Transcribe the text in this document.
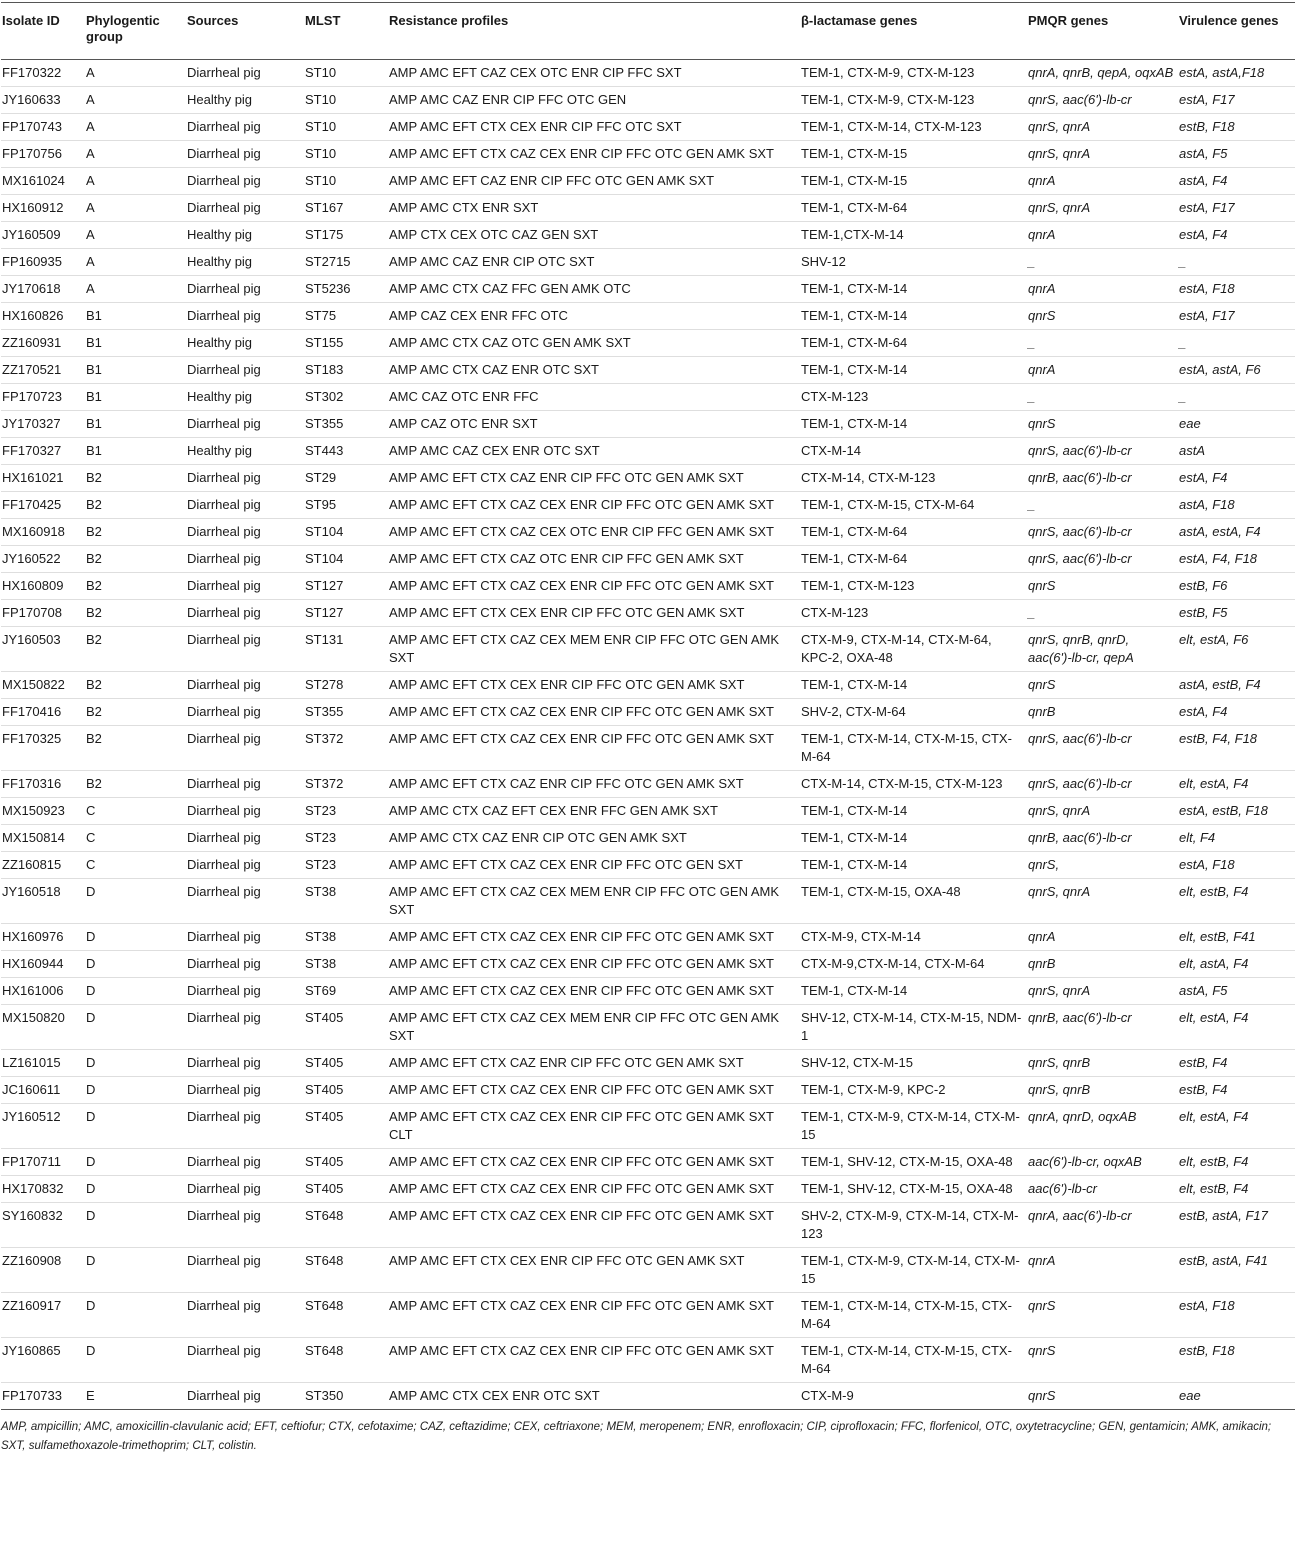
Isolate ID	Phylogentic group	Sources	MLST	Resistance profiles	β-lactamase genes	PMQR genes	Virulence genes
FF170322	A	Diarrheal pig	ST10	AMP AMC EFT CAZ CEX OTC ENR CIP FFC SXT	TEM-1, CTX-M-9, CTX-M-123	qnrA, qnrB, qepA, oqxAB	estA, astA,F18
JY160633	A	Healthy pig	ST10	AMP AMC CAZ ENR CIP FFC OTC GEN	TEM-1, CTX-M-9, CTX-M-123	qnrS, aac(6')-lb-cr	estA, F17
FP170743	A	Diarrheal pig	ST10	AMP AMC EFT CTX CEX ENR CIP FFC OTC SXT	TEM-1, CTX-M-14, CTX-M-123	qnrS, qnrA	estB, F18
FP170756	A	Diarrheal pig	ST10	AMP AMC EFT CTX CAZ CEX ENR CIP FFC OTC GEN AMK SXT	TEM-1, CTX-M-15	qnrS, qnrA	astA, F5
MX161024	A	Diarrheal pig	ST10	AMP AMC EFT CAZ ENR CIP FFC OTC GEN AMK SXT	TEM-1, CTX-M-15	qnrA	astA, F4
HX160912	A	Diarrheal pig	ST167	AMP AMC CTX ENR SXT	TEM-1, CTX-M-64	qnrS, qnrA	estA, F17
JY160509	A	Healthy pig	ST175	AMP CTX CEX OTC CAZ GEN SXT	TEM-1,CTX-M-14	qnrA	estA, F4
FP160935	A	Healthy pig	ST2715	AMP AMC CAZ ENR CIP OTC SXT	SHV-12	_	_
JY170618	A	Diarrheal pig	ST5236	AMP AMC CTX CAZ FFC GEN AMK OTC	TEM-1, CTX-M-14	qnrA	estA, F18
HX160826	B1	Diarrheal pig	ST75	AMP CAZ CEX ENR FFC OTC	TEM-1, CTX-M-14	qnrS	estA, F17
ZZ160931	B1	Healthy pig	ST155	AMP AMC CTX CAZ OTC GEN AMK SXT	TEM-1, CTX-M-64	_	_
ZZ170521	B1	Diarrheal pig	ST183	AMP AMC CTX CAZ ENR OTC SXT	TEM-1, CTX-M-14	qnrA	estA, astA, F6
FP170723	B1	Healthy pig	ST302	AMC CAZ OTC ENR FFC	CTX-M-123	_	_
JY170327	B1	Diarrheal pig	ST355	AMP CAZ OTC ENR SXT	TEM-1, CTX-M-14	qnrS	eae
FF170327	B1	Healthy pig	ST443	AMP AMC CAZ CEX ENR OTC SXT	CTX-M-14	qnrS, aac(6')-lb-cr	astA
HX161021	B2	Diarrheal pig	ST29	AMP AMC EFT CTX CAZ ENR CIP FFC OTC GEN AMK SXT	CTX-M-14, CTX-M-123	qnrB, aac(6')-lb-cr	estA, F4
FF170425	B2	Diarrheal pig	ST95	AMP AMC EFT CTX CAZ CEX ENR CIP FFC OTC GEN AMK SXT	TEM-1, CTX-M-15, CTX-M-64	_	astA, F18
MX160918	B2	Diarrheal pig	ST104	AMP AMC EFT CTX CAZ CEX OTC ENR CIP FFC GEN AMK SXT	TEM-1, CTX-M-64	qnrS, aac(6')-lb-cr	astA, estA, F4
JY160522	B2	Diarrheal pig	ST104	AMP AMC EFT CTX CAZ OTC ENR CIP FFC GEN AMK SXT	TEM-1, CTX-M-64	qnrS, aac(6')-lb-cr	estA, F4, F18
HX160809	B2	Diarrheal pig	ST127	AMP AMC EFT CTX CAZ CEX ENR CIP FFC OTC GEN AMK SXT	TEM-1, CTX-M-123	qnrS	estB, F6
FP170708	B2	Diarrheal pig	ST127	AMP AMC EFT CTX CEX ENR CIP FFC OTC GEN AMK SXT	CTX-M-123	_	estB, F5
JY160503	B2	Diarrheal pig	ST131	AMP AMC EFT CTX CAZ CEX MEM ENR CIP FFC OTC GEN AMK SXT	CTX-M-9, CTX-M-14, CTX-M-64, KPC-2, OXA-48	qnrS, qnrB, qnrD, aac(6')-lb-cr, qepA	elt, estA, F6
MX150822	B2	Diarrheal pig	ST278	AMP AMC EFT CTX CEX ENR CIP FFC OTC GEN AMK SXT	TEM-1, CTX-M-14	qnrS	astA, estB, F4
FF170416	B2	Diarrheal pig	ST355	AMP AMC EFT CTX CAZ CEX ENR CIP FFC OTC GEN AMK SXT	SHV-2, CTX-M-64	qnrB	estA, F4
FF170325	B2	Diarrheal pig	ST372	AMP AMC EFT CTX CAZ CEX ENR CIP FFC OTC GEN AMK SXT	TEM-1, CTX-M-14, CTX-M-15, CTX-M-64	qnrS, aac(6')-lb-cr	estB, F4, F18
FF170316	B2	Diarrheal pig	ST372	AMP AMC EFT CTX CAZ ENR CIP FFC OTC GEN AMK SXT	CTX-M-14, CTX-M-15, CTX-M-123	qnrS, aac(6')-lb-cr	elt, estA, F4
MX150923	C	Diarrheal pig	ST23	AMP AMC CTX CAZ EFT CEX ENR FFC GEN AMK SXT	TEM-1, CTX-M-14	qnrS, qnrA	estA, estB, F18
MX150814	C	Diarrheal pig	ST23	AMP AMC CTX CAZ ENR CIP OTC GEN AMK SXT	TEM-1, CTX-M-14	qnrB, aac(6')-lb-cr	elt, F4
ZZ160815	C	Diarrheal pig	ST23	AMP AMC EFT CTX CAZ CEX ENR CIP FFC OTC GEN SXT	TEM-1, CTX-M-14	qnrS,	estA, F18
JY160518	D	Diarrheal pig	ST38	AMP AMC EFT CTX CAZ CEX MEM ENR CIP FFC OTC GEN AMK SXT	TEM-1, CTX-M-15, OXA-48	qnrS, qnrA	elt, estB, F4
HX160976	D	Diarrheal pig	ST38	AMP AMC EFT CTX CAZ CEX ENR CIP FFC OTC GEN AMK SXT	CTX-M-9, CTX-M-14	qnrA	elt, estB, F41
HX160944	D	Diarrheal pig	ST38	AMP AMC EFT CTX CAZ CEX ENR CIP FFC OTC GEN AMK SXT	CTX-M-9,CTX-M-14, CTX-M-64	qnrB	elt, astA, F4
HX161006	D	Diarrheal pig	ST69	AMP AMC EFT CTX CAZ CEX ENR CIP FFC OTC GEN AMK SXT	TEM-1, CTX-M-14	qnrS, qnrA	astA, F5
MX150820	D	Diarrheal pig	ST405	AMP AMC EFT CTX CAZ CEX MEM ENR CIP FFC OTC GEN AMK SXT	SHV-12, CTX-M-14, CTX-M-15, NDM-1	qnrB, aac(6')-lb-cr	elt, estA, F4
LZ161015	D	Diarrheal pig	ST405	AMP AMC EFT CTX CAZ ENR CIP FFC OTC GEN AMK SXT	SHV-12, CTX-M-15	qnrS, qnrB	estB, F4
JC160611	D	Diarrheal pig	ST405	AMP AMC EFT CTX CAZ CEX ENR CIP FFC OTC GEN AMK SXT	TEM-1, CTX-M-9, KPC-2	qnrS, qnrB	estB, F4
JY160512	D	Diarrheal pig	ST405	AMP AMC EFT CTX CAZ CEX ENR CIP FFC OTC GEN AMK SXT CLT	TEM-1, CTX-M-9, CTX-M-14, CTX-M-15	qnrA, qnrD, oqxAB	elt, estA, F4
FP170711	D	Diarrheal pig	ST405	AMP AMC EFT CTX CAZ CEX ENR CIP FFC OTC GEN AMK SXT	TEM-1, SHV-12, CTX-M-15, OXA-48	aac(6')-lb-cr, oqxAB	elt, estB, F4
HX170832	D	Diarrheal pig	ST405	AMP AMC EFT CTX CAZ CEX ENR CIP FFC OTC GEN AMK SXT	TEM-1, SHV-12, CTX-M-15, OXA-48	aac(6')-lb-cr	elt, estB, F4
SY160832	D	Diarrheal pig	ST648	AMP AMC EFT CTX CAZ CEX ENR CIP FFC OTC GEN AMK SXT	SHV-2, CTX-M-9, CTX-M-14, CTX-M-123	qnrA, aac(6')-lb-cr	estB, astA, F17
ZZ160908	D	Diarrheal pig	ST648	AMP AMC EFT CTX CEX ENR CIP FFC OTC GEN AMK SXT	TEM-1, CTX-M-9, CTX-M-14, CTX-M-15	qnrA	estB, astA, F41
ZZ160917	D	Diarrheal pig	ST648	AMP AMC EFT CTX CAZ CEX ENR CIP FFC OTC GEN AMK SXT	TEM-1, CTX-M-14, CTX-M-15, CTX-M-64	qnrS	estA, F18
JY160865	D	Diarrheal pig	ST648	AMP AMC EFT CTX CAZ CEX ENR CIP FFC OTC GEN AMK SXT	TEM-1, CTX-M-14, CTX-M-15, CTX-M-64	qnrS	estB, F18
FP170733	E	Diarrheal pig	ST350	AMP AMC CTX CEX ENR OTC SXT	CTX-M-9	qnrS	eae
AMP, ampicillin; AMC, amoxicillin-clavulanic acid; EFT, ceftiofur; CTX, cefotaxime; CAZ, ceftazidime; CEX, ceftriaxone; MEM, meropenem; ENR, enrofloxacin; CIP, ciprofloxacin; FFC, florfenicol, OTC, oxytetracycline; GEN, gentamicin; AMK, amikacin; SXT, sulfamethoxazole-trimethoprim; CLT, colistin.
